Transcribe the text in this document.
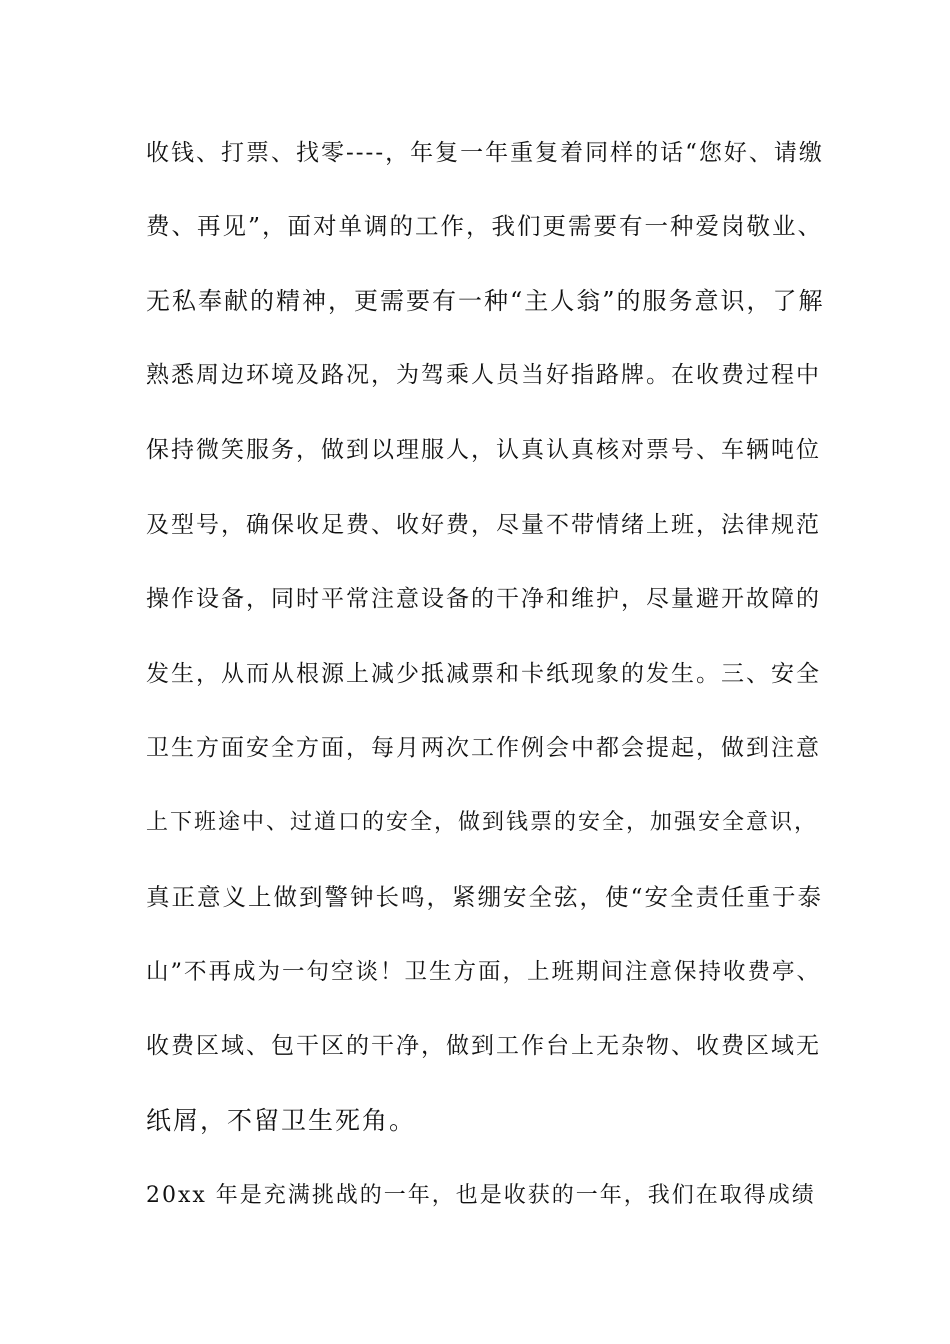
收钱、打票、找零----，年复一年重复着同样的话“您好、请缴
费、再见”，面对单调的工作，我们更需要有一种爱岗敬业、
无私奉献的精神，更需要有一种“主人翁”的服务意识，了解
熟悉周边环境及路况，为驾乘人员当好指路牌。在收费过程中
保持微笑服务，做到以理服人，认真认真核对票号、车辆吨位
及型号，确保收足费、收好费，尽量不带情绪上班，法律规范
操作设备，同时平常注意设备的干净和维护，尽量避开故障的
发生，从而从根源上减少抵减票和卡纸现象的发生。三、安全
卫生方面安全方面，每月两次工作例会中都会提起，做到注意
上下班途中、过道口的安全，做到钱票的安全，加强安全意识，
真正意义上做到警钟长鸣，紧绷安全弦，使“安全责任重于泰
山”不再成为一句空谈！卫生方面，上班期间注意保持收费亭、
收费区域、包干区的干净，做到工作台上无杂物、收费区域无
纸屑，不留卫生死角。
20xx 年是充满挑战的一年，也是收获的一年，我们在取得成绩
